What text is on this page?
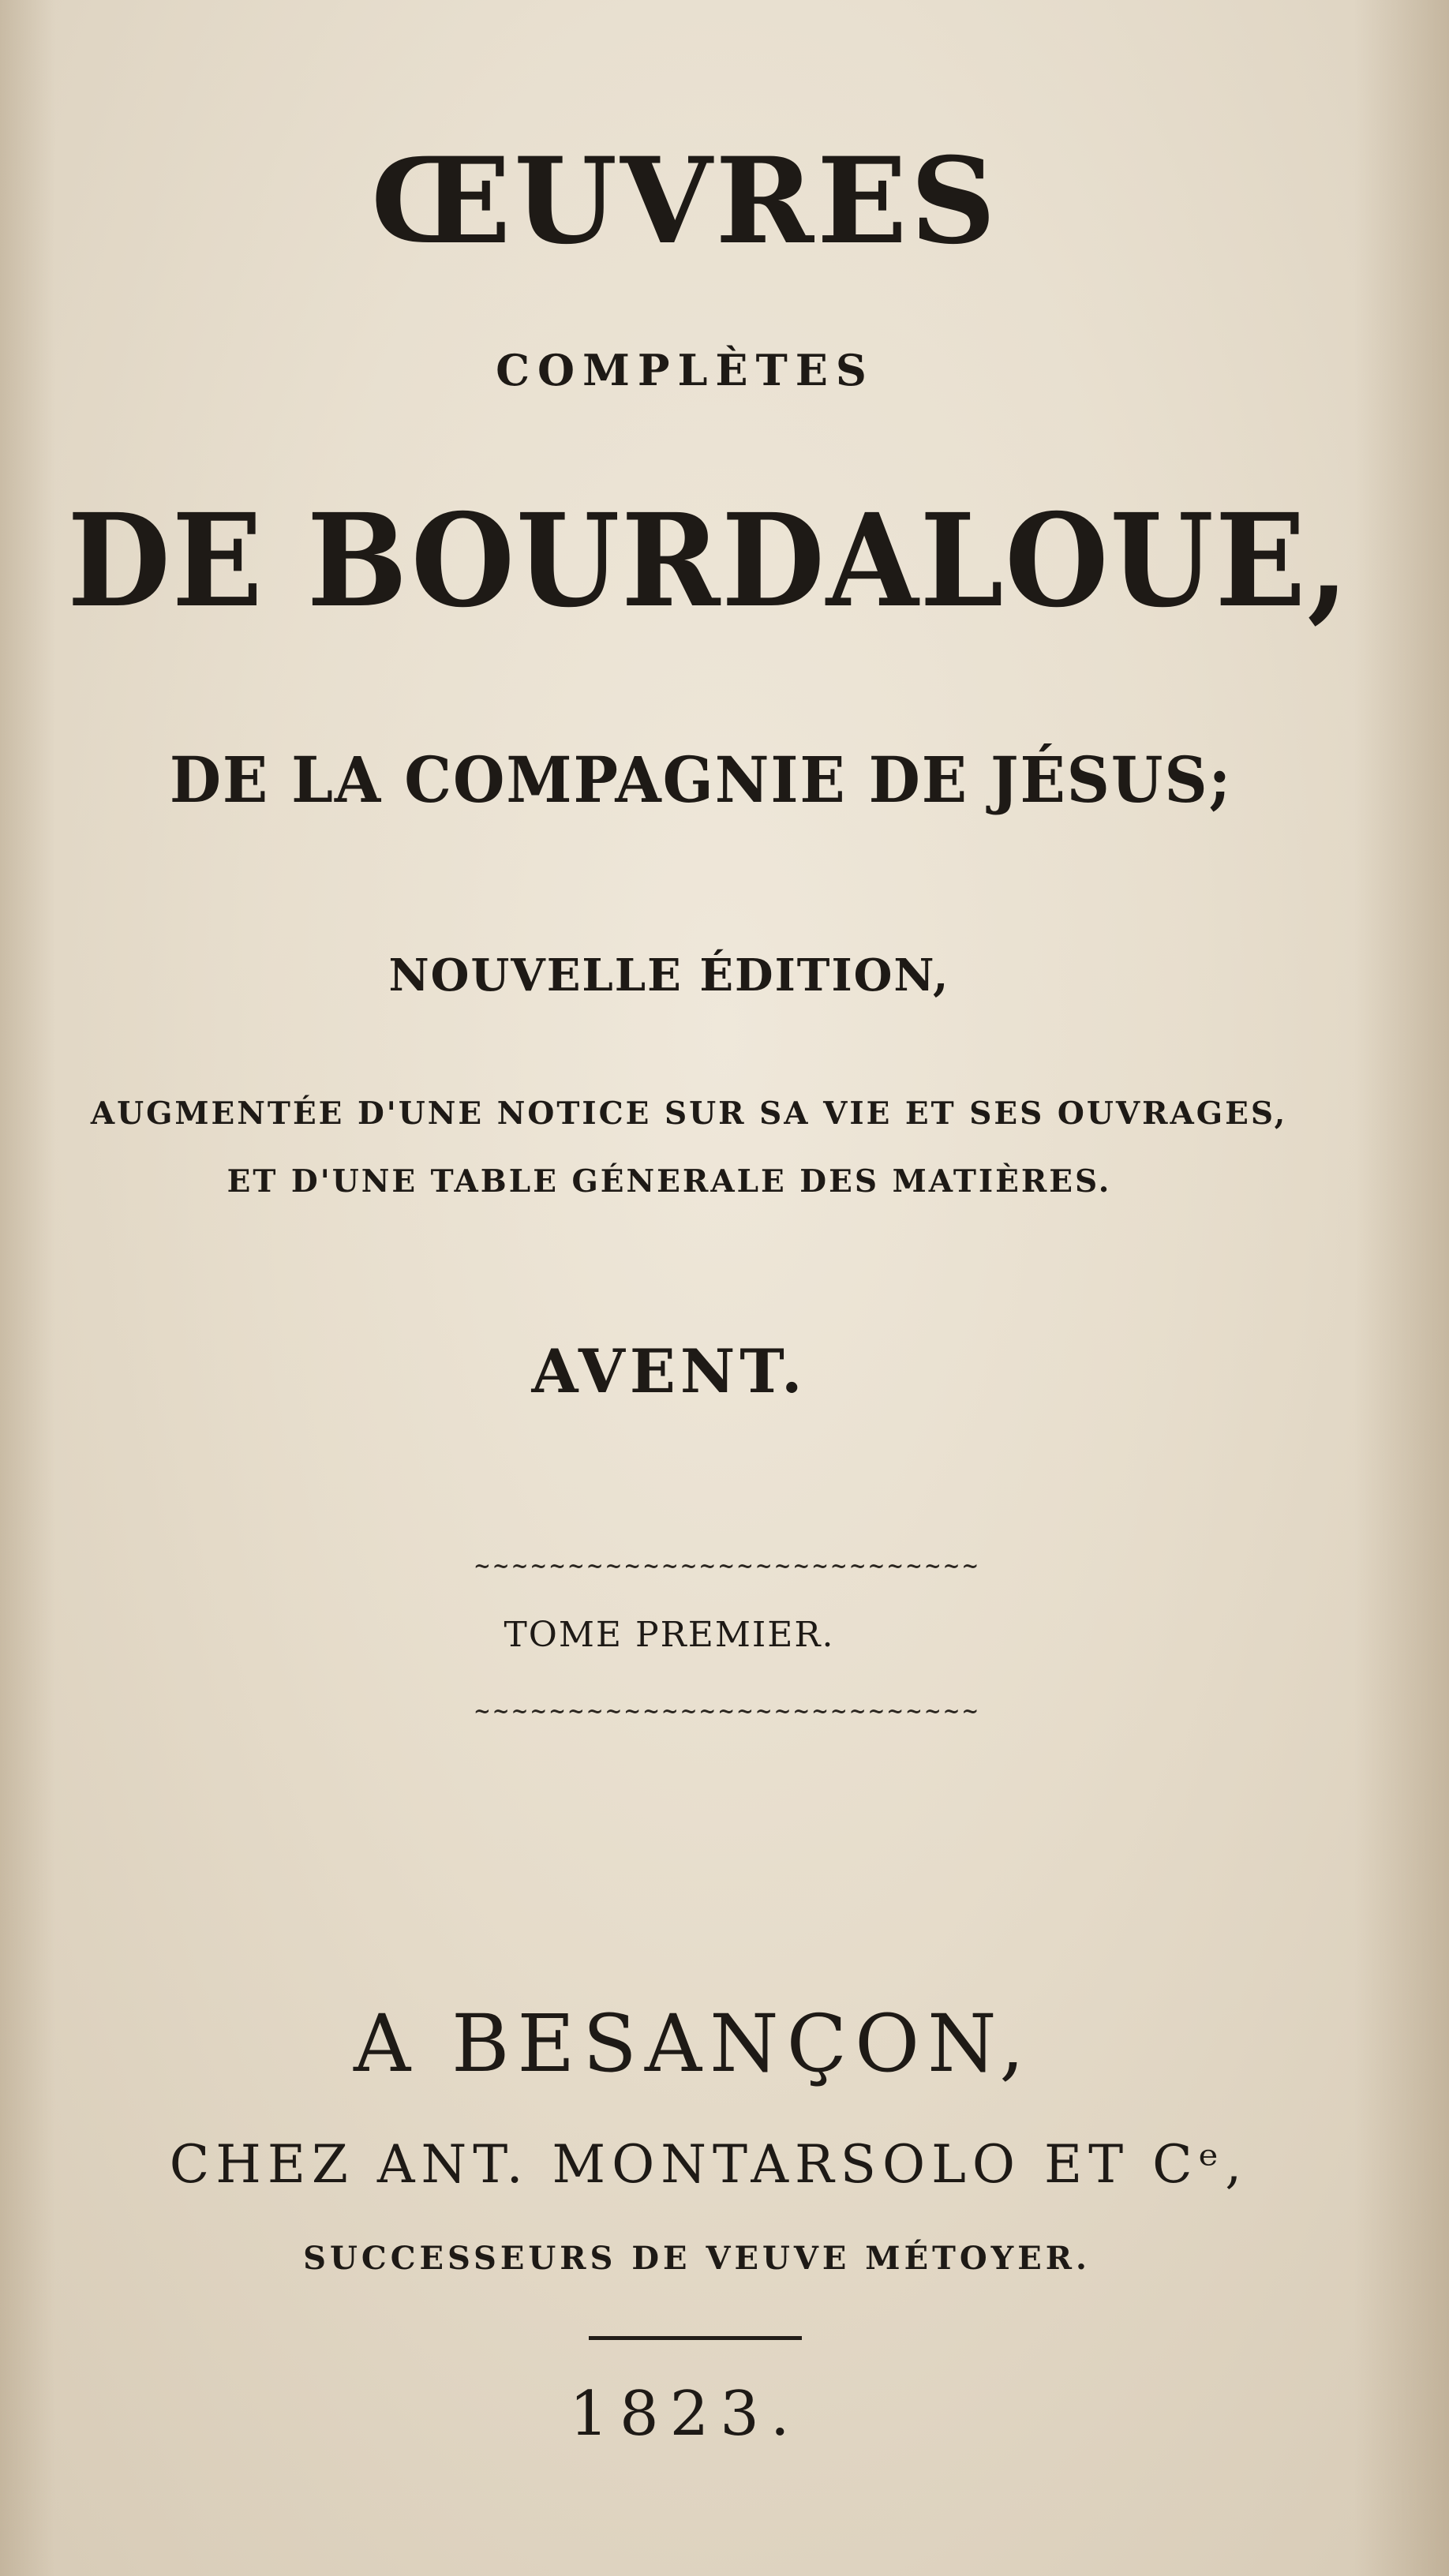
ŒUVRES
COMPLÈTES
DE BOURDALOUE,
DE LA COMPAGNIE DE JÉSUS;
NOUVELLE ÉDITION,
AUGMENTÉE D'UNE NOTICE SUR SA VIE ET SES OUVRAGES,
ET D'UNE TABLE GÉNERALE DES MATIÈRES.
AVENT.
~~~~~~~~~~~~~~~~~~~~~~~~~~~
TOME PREMIER.
~~~~~~~~~~~~~~~~~~~~~~~~~~~
A BESANÇON,
CHEZ ANT. MONTARSOLO ET Cᵉ,
SUCCESSEURS DE VEUVE MÉTOYER.
1823.
